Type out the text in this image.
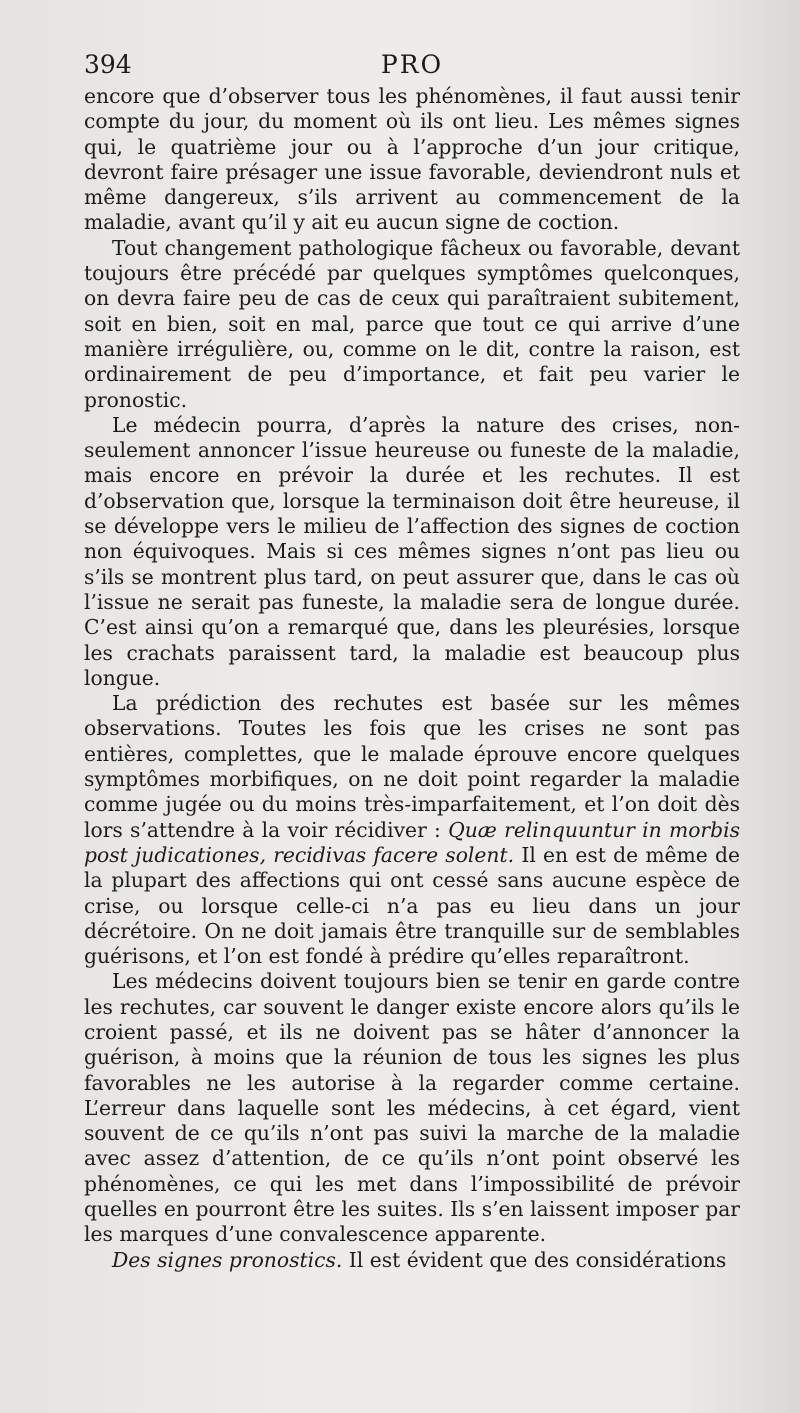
394	PRO

encore que d’observer tous les phénomènes, il faut aussi tenir compte du jour, du moment où ils ont lieu. Les mêmes signes qui, le quatrième jour ou à l’approche d’un jour critique, devront faire présager une issue favorable, deviendront nuls et même dangereux, s’ils arrivent au commencement de la maladie, avant qu’il y ait eu aucun signe de coction.

Tout changement pathologique fâcheux ou favorable, devant toujours être précédé par quelques symptômes quelconques, on devra faire peu de cas de ceux qui paraîtraient subitement, soit en bien, soit en mal, parce que tout ce qui arrive d’une manière irrégulière, ou, comme on le dit, contre la raison, est ordinairement de peu d’importance, et fait peu varier le pronostic.

Le médecin pourra, d’après la nature des crises, non-seulement annoncer l’issue heureuse ou funeste de la maladie, mais encore en prévoir la durée et les rechutes. Il est d’observation que, lorsque la terminaison doit être heureuse, il se développe vers le milieu de l’affection des signes de coction non équivoques. Mais si ces mêmes signes n’ont pas lieu ou s’ils se montrent plus tard, on peut assurer que, dans le cas où l’issue ne serait pas funeste, la maladie sera de longue durée. C’est ainsi qu’on a remarqué que, dans les pleurésies, lorsque les crachats paraissent tard, la maladie est beaucoup plus longue.

La prédiction des rechutes est basée sur les mêmes observations. Toutes les fois que les crises ne sont pas entières, complettes, que le malade éprouve encore quelques symptômes morbifiques, on ne doit point regarder la maladie comme jugée ou du moins très-imparfaitement, et l’on doit dès lors s’attendre à la voir récidiver : Quæ relinquuntur in morbis post judicationes, recidivas facere solent. Il en est de même de la plupart des affections qui ont cessé sans aucune espèce de crise, ou lorsque celle-ci n’a pas eu lieu dans un jour décrétoire. On ne doit jamais être tranquille sur de semblables guérisons, et l’on est fondé à prédire qu’elles reparaîtront.

Les médecins doivent toujours bien se tenir en garde contre les rechutes, car souvent le danger existe encore alors qu’ils le croient passé, et ils ne doivent pas se hâter d’annoncer la guérison, à moins que la réunion de tous les signes les plus favorables ne les autorise à la regarder comme certaine. L’erreur dans laquelle sont les médecins, à cet égard, vient souvent de ce qu’ils n’ont pas suivi la marche de la maladie avec assez d’attention, de ce qu’ils n’ont point observé les phénomènes, ce qui les met dans l’impossibilité de prévoir quelles en pourront être les suites. Ils s’en laissent imposer par les marques d’une convalescence apparente.

Des signes pronostics. Il est évident que des considérations
